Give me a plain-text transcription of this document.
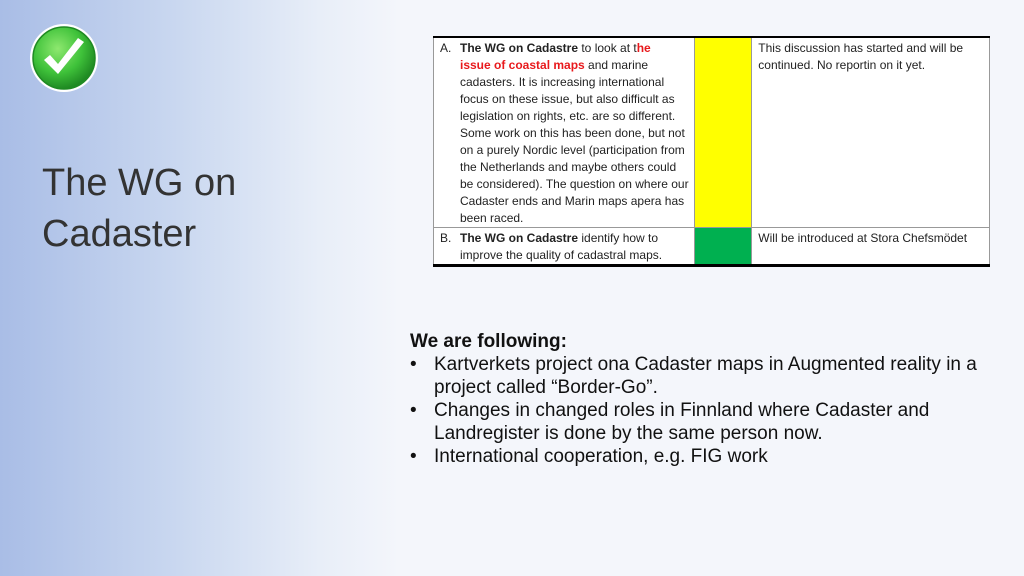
The WG on
Cadaster
A. The WG on Cadastre to look at the
issue of coastal maps and marine cadasters. It is increasing international focus on these issue, but also difficult as legislation on rights, etc. are so different. Some work on this has been done, but not on a purely Nordic level (participation from the Netherlands and maybe others could be considered). The question on where our Cadaster ends and Marin maps apera has been raced.		This discussion has started and will be continued. No reportin on it yet.

B. The WG on Cadastre identify how to improve the quality of cadastral maps.		Will be introduced at Stora Chefsmödet
We are following:
• Kartverkets project ona Cadaster maps in Augmented reality in a project called “Border-Go”.
• Changes in changed roles in Finnland where Cadaster and Landregister is done by the same person now.
• International cooperation, e.g. FIG work
